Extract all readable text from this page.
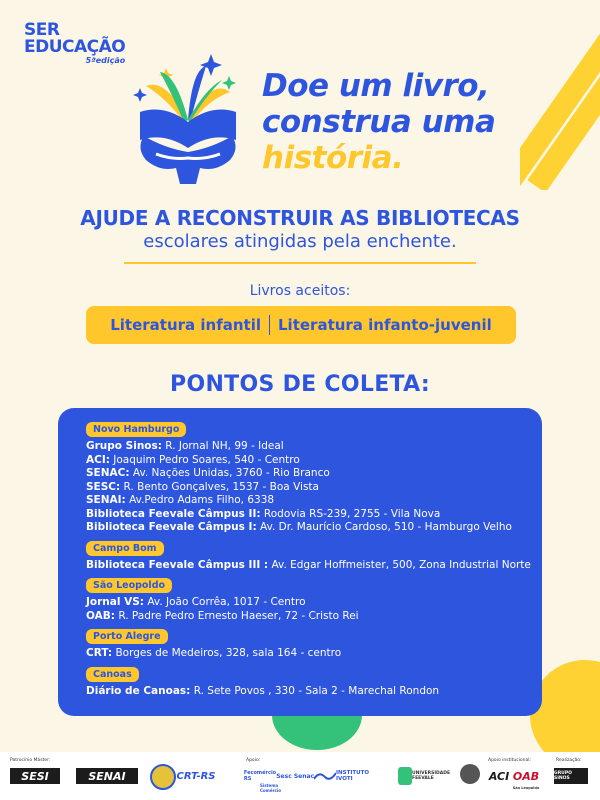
SER
EDUCAÇÃO
5ªedição
Doe um livro,
construa uma
história.
AJUDE A RECONSTRUIR AS BIBLIOTECAS
escolares atingidas pela enchente.
Livros aceitos:
Literatura infantil Literatura infanto-juvenil
PONTOS DE COLETA:
Novo Hamburgo
Grupo Sinos: R. Jornal NH, 99 - Ideal
ACI: Joaquim Pedro Soares, 540 - Centro
SENAC: Av. Nações Unidas, 3760 - Rio Branco
SESC: R. Bento Gonçalves, 1537 - Boa Vista
SENAI: Av.Pedro Adams Filho, 6338
Biblioteca Feevale Câmpus II: Rodovia RS-239, 2755 - Vila Nova
Biblioteca Feevale Câmpus I: Av. Dr. Maurício Cardoso, 510 - Hamburgo Velho
Campo Bom
Biblioteca Feevale Câmpus III : Av. Edgar Hoffmeister, 500, Zona Industrial Norte
São Leopoldo
Jornal VS: Av. João Corrêa, 1017 - Centro
OAB: R. Padre Pedro Ernesto Haeser, 72 - Cristo Rei
Porto Alegre
CRT: Borges de Medeiros, 328, sala 164 - centro
Canoas
Diário de Canoas: R. Sete Povos , 330 - Sala 2 - Marechal Rondon
Patrocínio Máster:
SESI	SENAI	CRT-RS
Apoio:
Fecomércio RS	Sesc Senac
Sistema Comércio
INSTITUTO IVOTI
UNIVERSIDADE FEEVALE
Apoio institucional:
ACI OAB
São Leopoldo
Realização:
GRUPO SINOS
